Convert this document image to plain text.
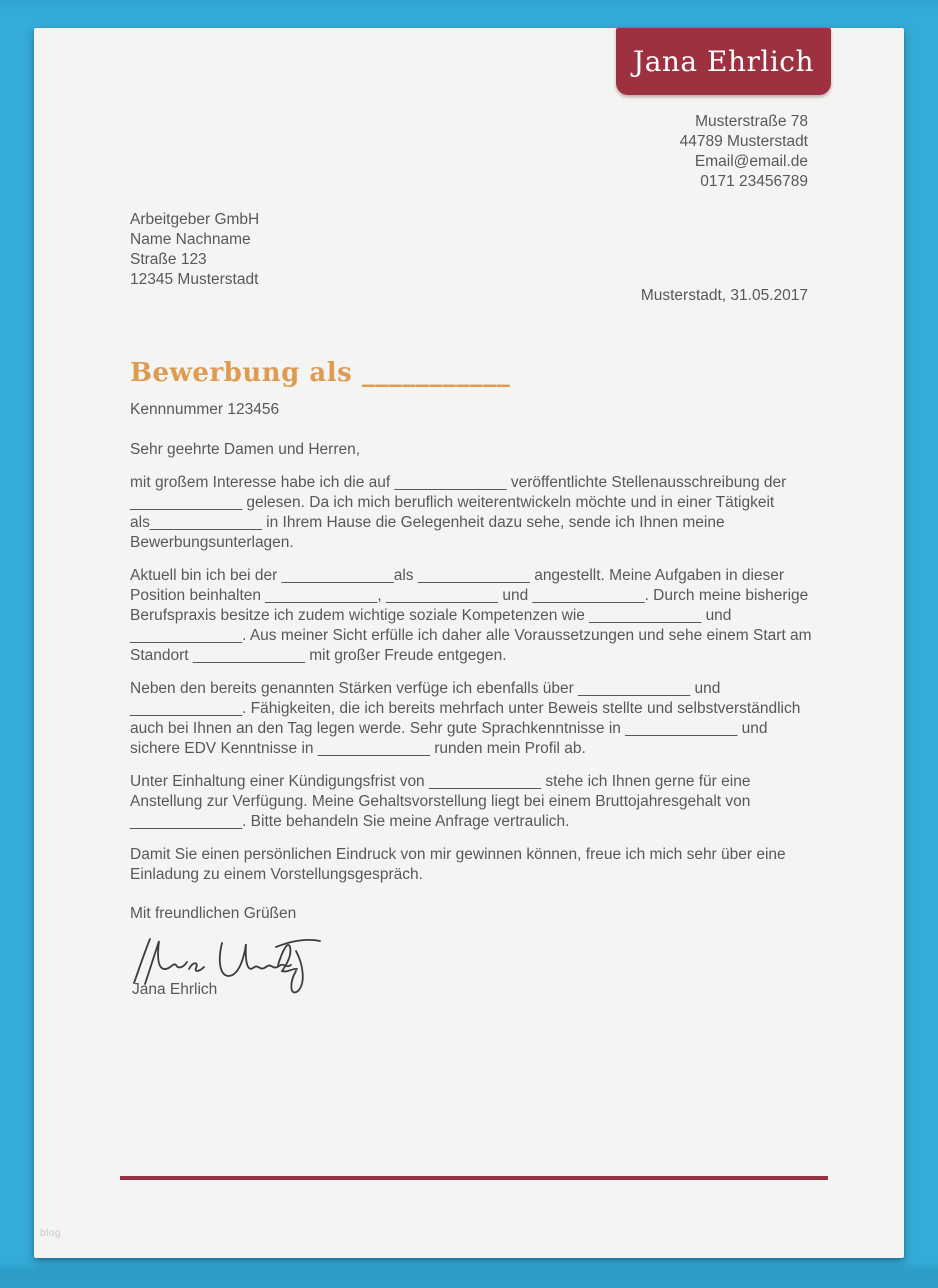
Jana Ehrlich
Musterstraße 78
44789 Musterstadt
Email@email.de
0171 23456789
Arbeitgeber GmbH
Name Nachname
Straße 123
12345 Musterstadt
Musterstadt, 31.05.2017
Bewerbung als ___________
Kennnummer 123456

Sehr geehrte Damen und Herren,

mit großem Interesse habe ich die auf _____________ veröffentlichte Stellenausschreibung der _____________ gelesen. Da ich mich beruflich weiterentwickeln möchte und in einer Tätigkeit als_____________ in Ihrem Hause die Gelegenheit dazu sehe, sende ich Ihnen meine Bewerbungsunterlagen.

Aktuell bin ich bei der _____________als _____________ angestellt. Meine Aufgaben in dieser Position beinhalten _____________, _____________ und _____________. Durch meine bisherige Berufspraxis besitze ich zudem wichtige soziale Kompetenzen wie _____________ und _____________. Aus meiner Sicht erfülle ich daher alle Voraussetzungen und sehe einem Start am Standort _____________ mit großer Freude entgegen.

Neben den bereits genannten Stärken verfüge ich ebenfalls über _____________ und _____________. Fähigkeiten, die ich bereits mehrfach unter Beweis stellte und selbstverständlich auch bei Ihnen an den Tag legen werde. Sehr gute Sprachkenntnisse in _____________ und sichere EDV Kenntnisse in _____________ runden mein Profil ab.

Unter Einhaltung einer Kündigungsfrist von _____________ stehe ich Ihnen gerne für eine Anstellung zur Verfügung. Meine Gehaltsvorstellung liegt bei einem Bruttojahresgehalt von _____________. Bitte behandeln Sie meine Anfrage vertraulich.

Damit Sie einen persönlichen Eindruck von mir gewinnen können, freue ich mich sehr über eine Einladung zu einem Vorstellungsgespräch.

Mit freundlichen Grüßen
Jana Ehrlich
blog
